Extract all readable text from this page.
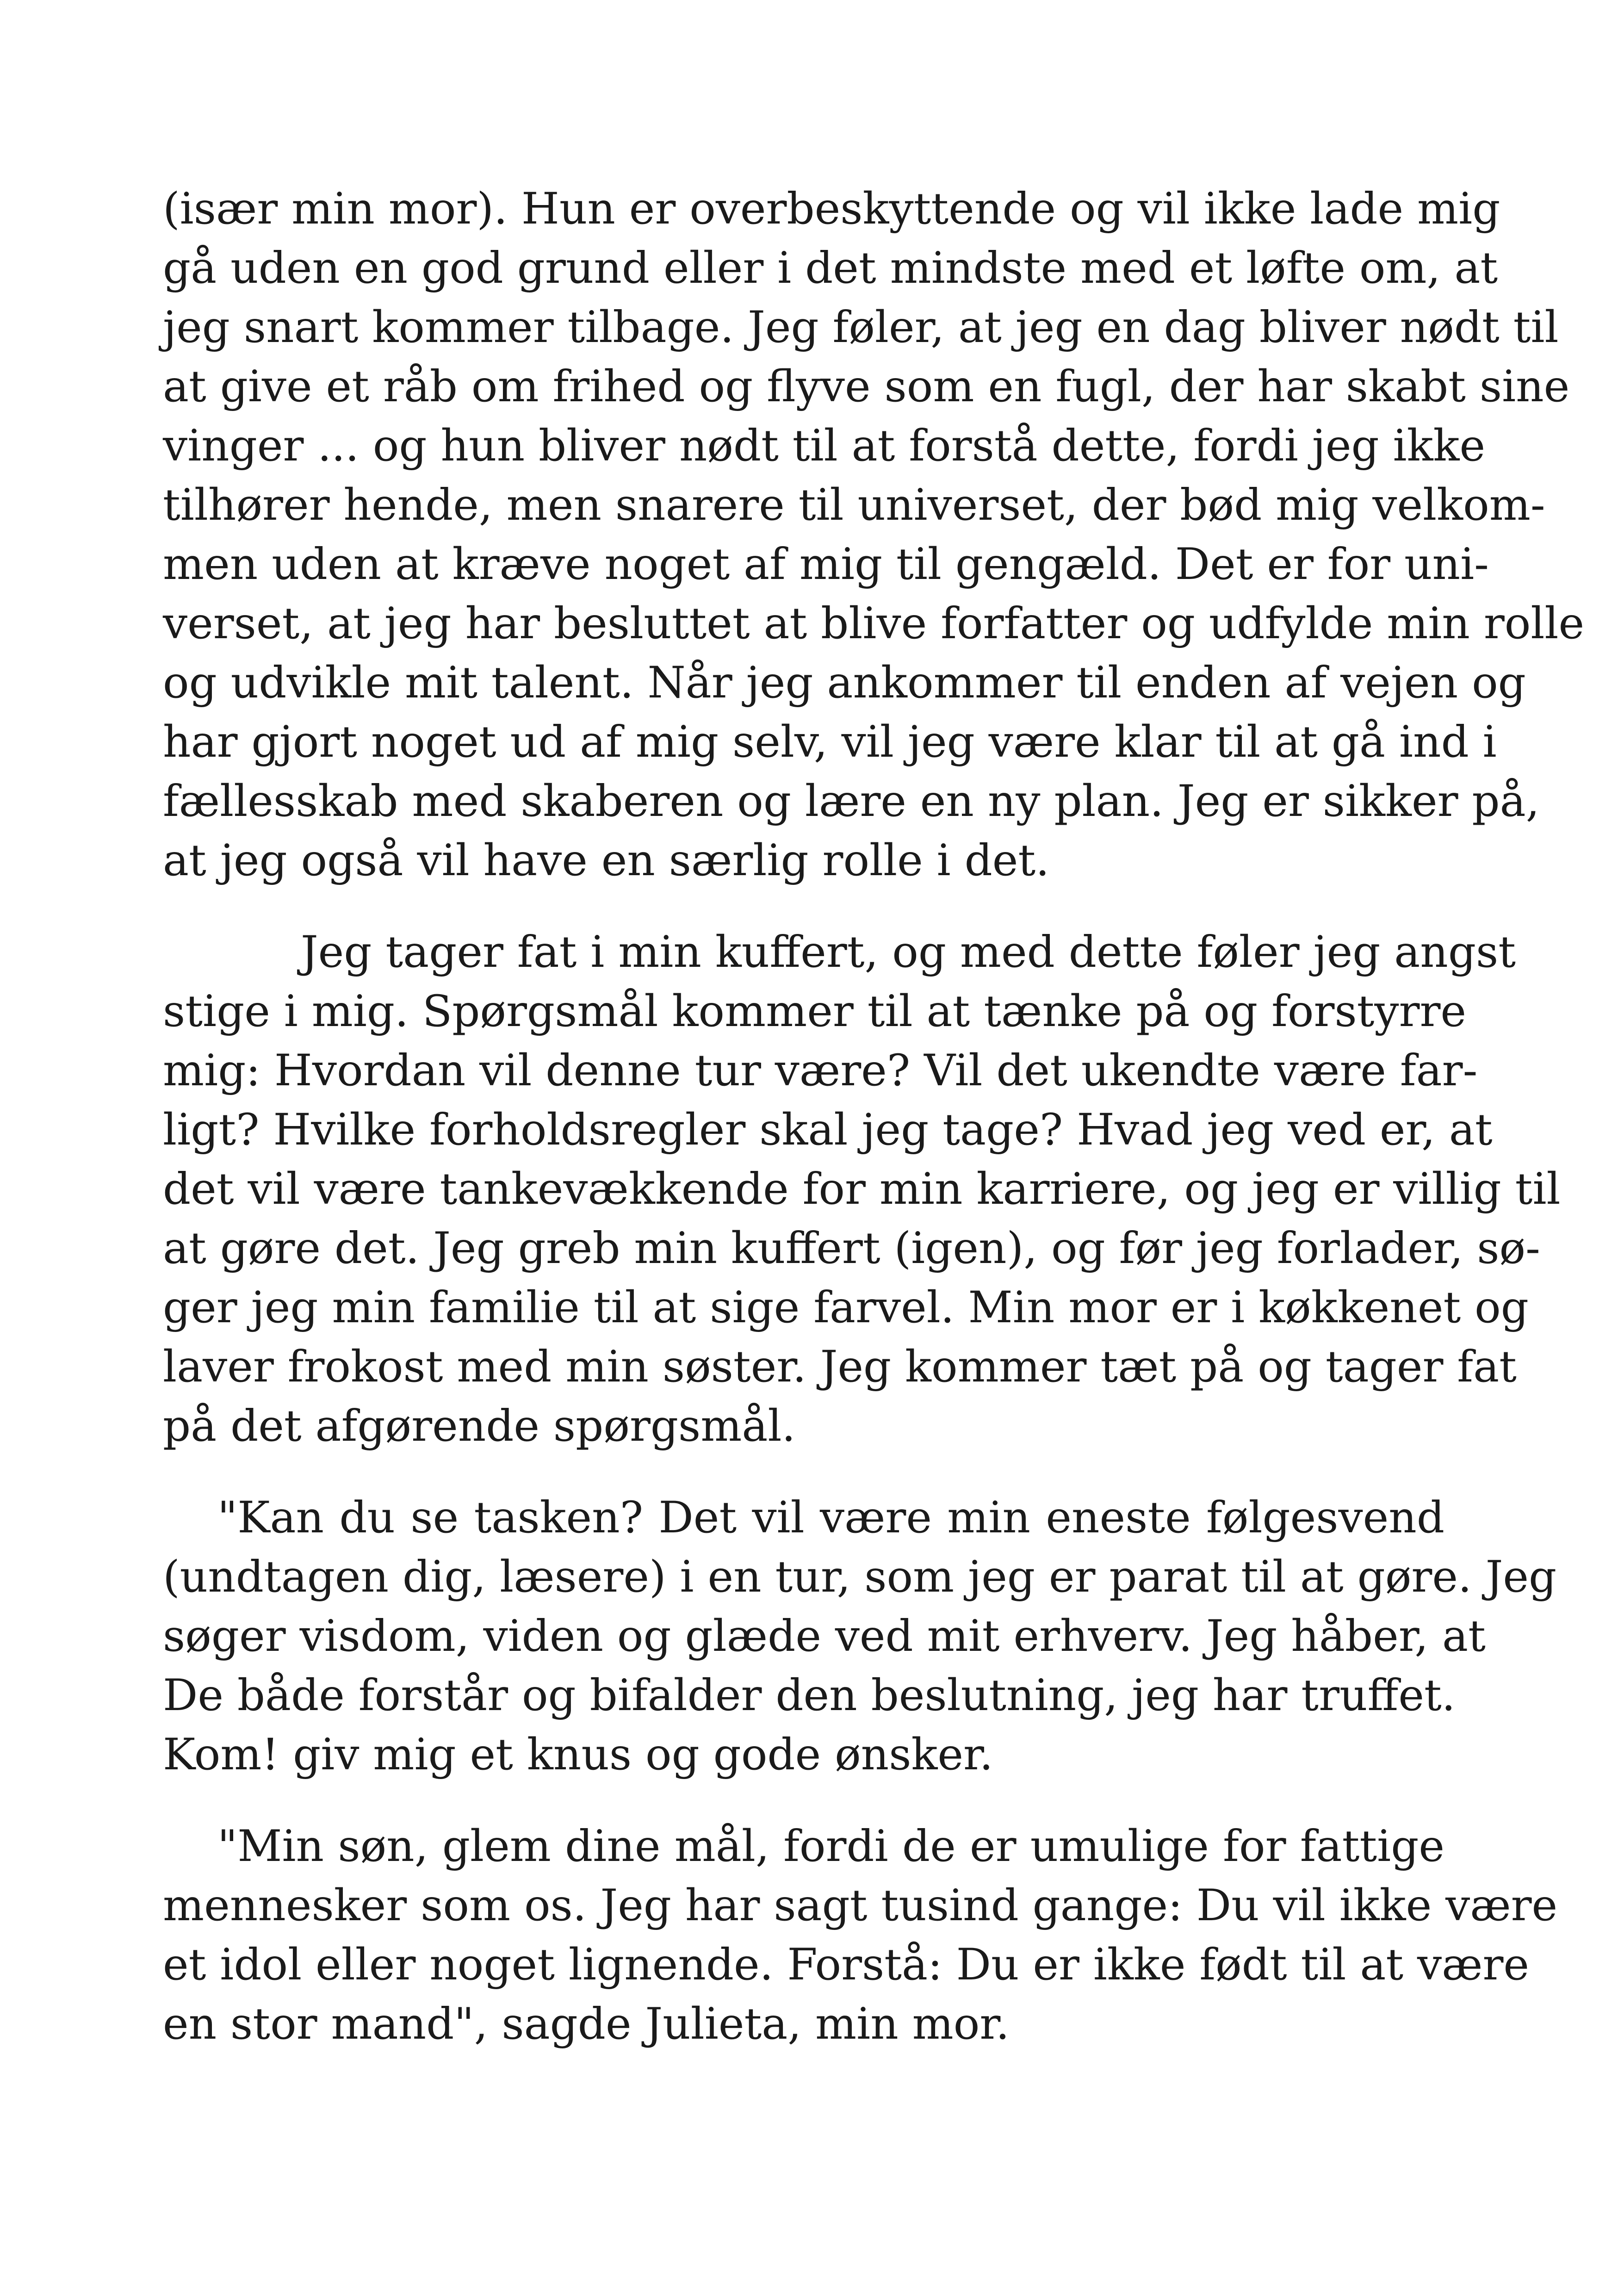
(især min mor). Hun er overbeskyttende og vil ikke lade mig
gå uden en god grund eller i det mindste med et løfte om, at
jeg snart kommer tilbage. Jeg føler, at jeg en dag bliver nødt til
at give et råb om frihed og flyve som en fugl, der har skabt sine
vinger ... og hun bliver nødt til at forstå dette, fordi jeg ikke
tilhører hende, men snarere til universet, der bød mig velkom-
men uden at kræve noget af mig til gengæld. Det er for uni-
verset, at jeg har besluttet at blive forfatter og udfylde min rolle
og udvikle mit talent. Når jeg ankommer til enden af vejen og
har gjort noget ud af mig selv, vil jeg være klar til at gå ind i
fællesskab med skaberen og lære en ny plan. Jeg er sikker på,
at jeg også vil have en særlig rolle i det.
Jeg tager fat i min kuffert, og med dette føler jeg angst
stige i mig. Spørgsmål kommer til at tænke på og forstyrre
mig: Hvordan vil denne tur være? Vil det ukendte være far-
ligt? Hvilke forholdsregler skal jeg tage? Hvad jeg ved er, at
det vil være tankevækkende for min karriere, og jeg er villig til
at gøre det. Jeg greb min kuffert (igen), og før jeg forlader, sø-
ger jeg min familie til at sige farvel. Min mor er i køkkenet og
laver frokost med min søster. Jeg kommer tæt på og tager fat
på det afgørende spørgsmål.
"Kan du se tasken? Det vil være min eneste følgesvend
(undtagen dig, læsere) i en tur, som jeg er parat til at gøre. Jeg
søger visdom, viden og glæde ved mit erhverv. Jeg håber, at
De både forstår og bifalder den beslutning, jeg har truffet.
Kom! giv mig et knus og gode ønsker.
"Min søn, glem dine mål, fordi de er umulige for fattige
mennesker som os. Jeg har sagt tusind gange: Du vil ikke være
et idol eller noget lignende. Forstå: Du er ikke født til at være
en stor mand", sagde Julieta, min mor.
